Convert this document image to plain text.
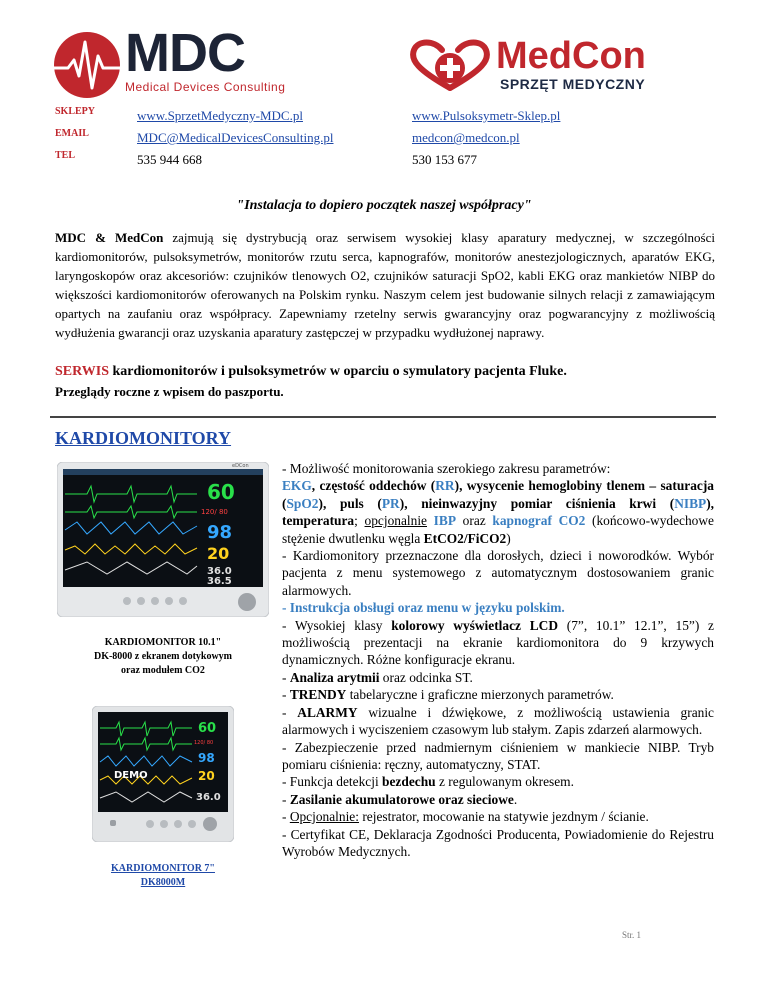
MDC
Medical Devices Consulting
MedCon
SPRZĘT MEDYCZNY
SKLEPY	www.SprzetMedyczny-MDC.pl	www.Pulsoksymetr-Sklep.pl
EMAIL	MDC@MedicalDevicesConsulting.pl	medcon@medcon.pl
TEL	535 944 668	530 153 677
"Instalacja to dopiero początek naszej współpracy"
MDC & MedCon zajmują się dystrybucją oraz serwisem wysokiej klasy aparatury medycznej, w szczególności kardiomonitorów, pulsoksymetrów, monitorów rzutu serca, kapnografów, monitorów anestezjologicznych, aparatów EKG, laryngoskopów oraz akcesoriów: czujników tlenowych O2, czujników saturacji SpO2, kabli EKG oraz mankietów NIBP do większości kardiomonitorów oferowanych na Polskim rynku. Naszym celem jest budowanie silnych relacji z zamawiającym opartych na zaufaniu oraz współpracy. Zapewniamy rzetelny serwis gwarancyjny oraz pogwarancyjny z możliwością wydłużenia gwarancji oraz uzyskania aparatury zastępczej w przypadku wydłużonej naprawy.
SERWIS kardiomonitorów i pulsoksymetrów w oparciu o symulatory pacjenta Fluke.
Przeglądy roczne z wpisem do paszportu.
KARDIOMONITORY
eDCon
60
120/ 80
98
20
36.0
36.5
KARDIOMONITOR 10.1"
DK-8000 z ekranem dotykowym
oraz modułem CO2
DEMO
60
120/ 80
98
20
36.0
KARDIOMONITOR 7"
DK8000M
- Możliwość monitorowania szerokiego zakresu parametrów:
EKG, częstość oddechów (RR), wysycenie hemoglobiny tlenem – saturacja (SpO2), puls (PR), nieinwazyjny pomiar ciśnienia krwi (NIBP), temperatura; opcjonalnie IBP oraz kapnograf CO2 (końcowo-wydechowe stężenie dwutlenku węgla EtCO2/FiCO2)
- Kardiomonitory przeznaczone dla dorosłych, dzieci i noworodków. Wybór pacjenta z menu systemowego z automatycznym dostosowaniem granic alarmowych.
- Instrukcja obsługi oraz menu w języku polskim.
- Wysokiej klasy kolorowy wyświetlacz LCD (7”, 10.1” 12.1”, 15”) z możliwością prezentacji na ekranie kardiomonitora do 9 krzywych dynamicznych. Różne konfiguracje ekranu.
- Analiza arytmii oraz odcinka ST.
- TRENDY tabelaryczne i graficzne mierzonych parametrów.
- ALARMY wizualne i dźwiękowe, z możliwością ustawienia granic alarmowych i wyciszeniem czasowym lub stałym. Zapis zdarzeń alarmowych.
- Zabezpieczenie przed nadmiernym ciśnieniem w mankiecie NIBP. Tryb pomiaru ciśnienia: ręczny, automatyczny, STAT.
- Funkcja detekcji bezdechu z regulowanym okresem.
- Zasilanie akumulatorowe oraz sieciowe.
- Opcjonalnie: rejestrator, mocowanie na statywie jezdnym / ścianie.
- Certyfikat CE, Deklaracja Zgodności Producenta, Powiadomienie do Rejestru Wyrobów Medycznych.
Str. 1
